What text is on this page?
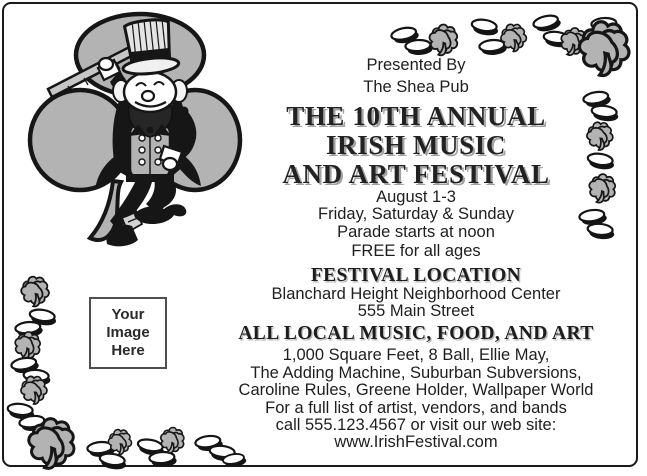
Your
Image
Here
Presented By
The Shea Pub
THE 10TH ANNUAL
IRISH MUSIC
AND ART FESTIVAL
August 1-3
Friday, Saturday & Sunday
Parade starts at noon
FREE for all ages
FESTIVAL LOCATION
Blanchard Height Neighborhood Center
555 Main Street
ALL LOCAL MUSIC, FOOD, AND ART
1,000 Square Feet, 8 Ball, Ellie May,
The Adding Machine, Suburban Subversions,
Caroline Rules, Greene Holder, Wallpaper World
For a full list of artist, vendors, and bands
call 555.123.4567 or visit our web site:
www.IrishFestival.com
